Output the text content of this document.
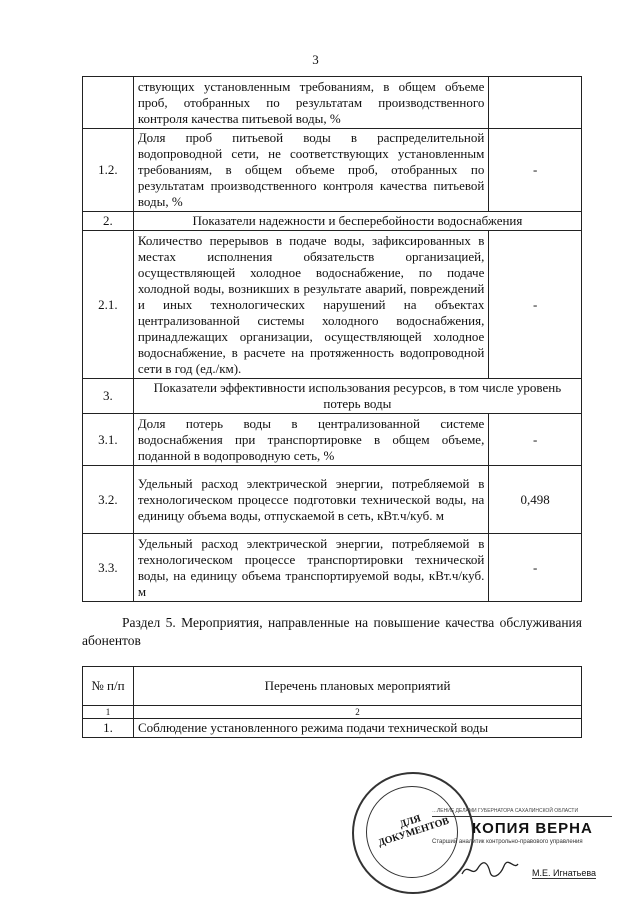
3
	ствующих установленным требованиям, в общем объеме проб, отобранных по результатам производственного контроля качества питьевой воды, %	
1.2.	Доля проб питьевой воды в распределительной водопроводной сети, не соответствующих установленным требованиям, в общем объеме проб, отобранных по результатам производственного контроля качества питьевой воды, %	-
2.	Показатели надежности и бесперебойности водоснабжения	
2.1.	Количество перерывов в подаче воды, зафиксированных в местах исполнения обязательств организацией, осуществляющей холодное водоснабжение, по подаче холодной воды, возникших в результате аварий, повреждений и иных технологических нарушений на объектах централизованной системы холодного водоснабжения, принадлежащих организации, осуществляющей холодное водоснабжение, в расчете на протяженность водопроводной сети в год (ед./км).	-
3.	Показатели эффективности использования ресурсов, в том числе уровень потерь воды	
3.1.	Доля потерь воды в централизованной системе водоснабжения при транспортировке в общем объеме, поданной в водопроводную сеть, %	-
3.2.	Удельный расход электрической энергии, потребляемой в технологическом процессе подготовки технической воды, на единицу объема воды, отпускаемой в сеть, кВт.ч/куб. м	0,498
3.3.	Удельный расход электрической энергии, потребляемой в технологическом процессе транспортировки технической воды, на единицу объема транспортируемой воды, кВт.ч/куб. м	-
Раздел 5. Мероприятия, направленные на повышение качества обслуживания абонентов
№ п/п	Перечень плановых мероприятий
1	2
1.	Соблюдение установленного режима подачи технической воды
ДЛЯ ДОКУМЕНТОВ
…ЛЕНИЕ ДЕЛАМИ ГУБЕРНАТОРА САХАЛИНСКОЙ ОБЛАСТИ
КОПИЯ ВЕРНА
Старший аналитик контрольно-правового управления
М.Е. Игнатьева
